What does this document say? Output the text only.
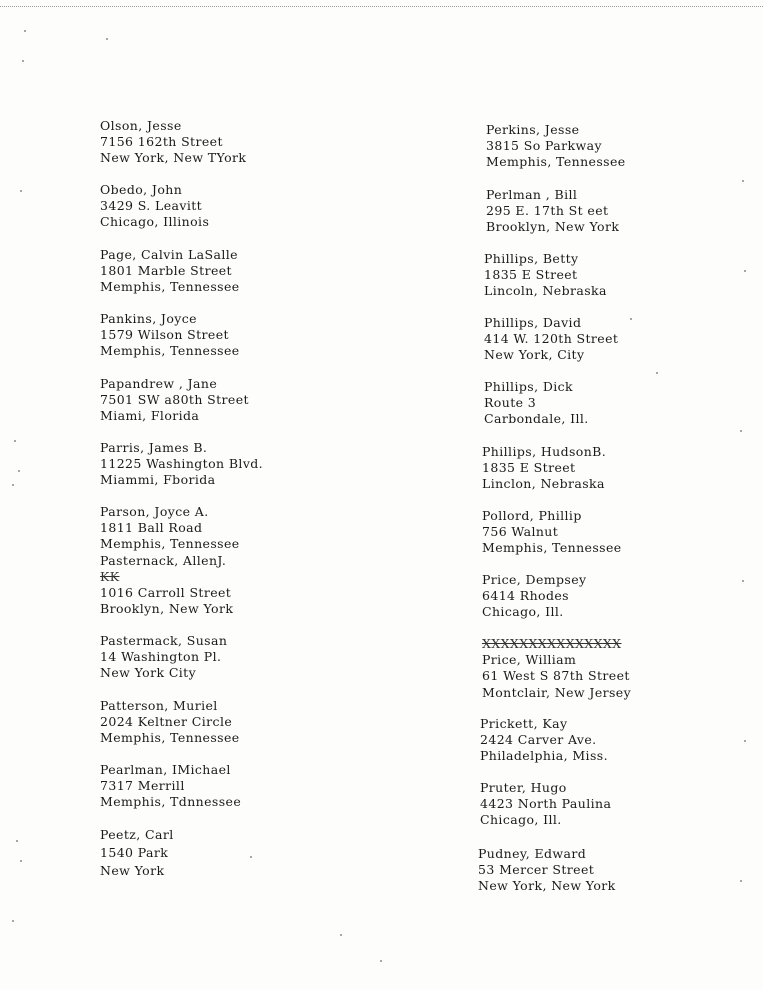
Olson, Jesse
7156 162th Street
New York, New TYork
Obedo, John
3429 S. Leavitt
Chicago, Illinois
Page, Calvin LaSalle
1801 Marble Street
Memphis, Tennessee
Pankins, Joyce
1579 Wilson Street
Memphis, Tennessee
Papandrew , Jane
7501 SW a80th Street
Miami, Florida
Parris, James B.
11225 Washington Blvd.
Miammi, Fborida
Parson, Joyce A.
1811 Ball Road
Memphis, Tennessee
Pasternack, AllenJ.
KK
1016 Carroll Street
Brooklyn, New York
Pastermack, Susan
14 Washington Pl.
New York City
Patterson, Muriel
2024 Keltner Circle
Memphis, Tennessee
Pearlman, IMichael
7317 Merrill
Memphis, Tdnnessee
Peetz, Carl
1540 Park
New York
Perkins, Jesse
3815 So Parkway
Memphis, Tennessee
Perlman , Bill
295 E. 17th St eet
Brooklyn, New York
Phillips, Betty
1835 E Street
Lincoln, Nebraska
Phillips, David
414 W. 120th Street
New York, City
Phillips, Dick
Route 3
Carbondale, Ill.
Phillips, HudsonB.
1835 E Street
Linclon, Nebraska
Pollord, Phillip
756 Walnut
Memphis, Tennessee
Price, Dempsey
6414 Rhodes
Chicago, Ill.
XXXXXXXXXXXXXXX
Price, William
61 West S 87th Street
Montclair, New Jersey
Prickett, Kay
2424 Carver Ave.
Philadelphia, Miss.
Pruter, Hugo
4423 North Paulina
Chicago, Ill.
Pudney, Edward
53 Mercer Street
New York, New York
